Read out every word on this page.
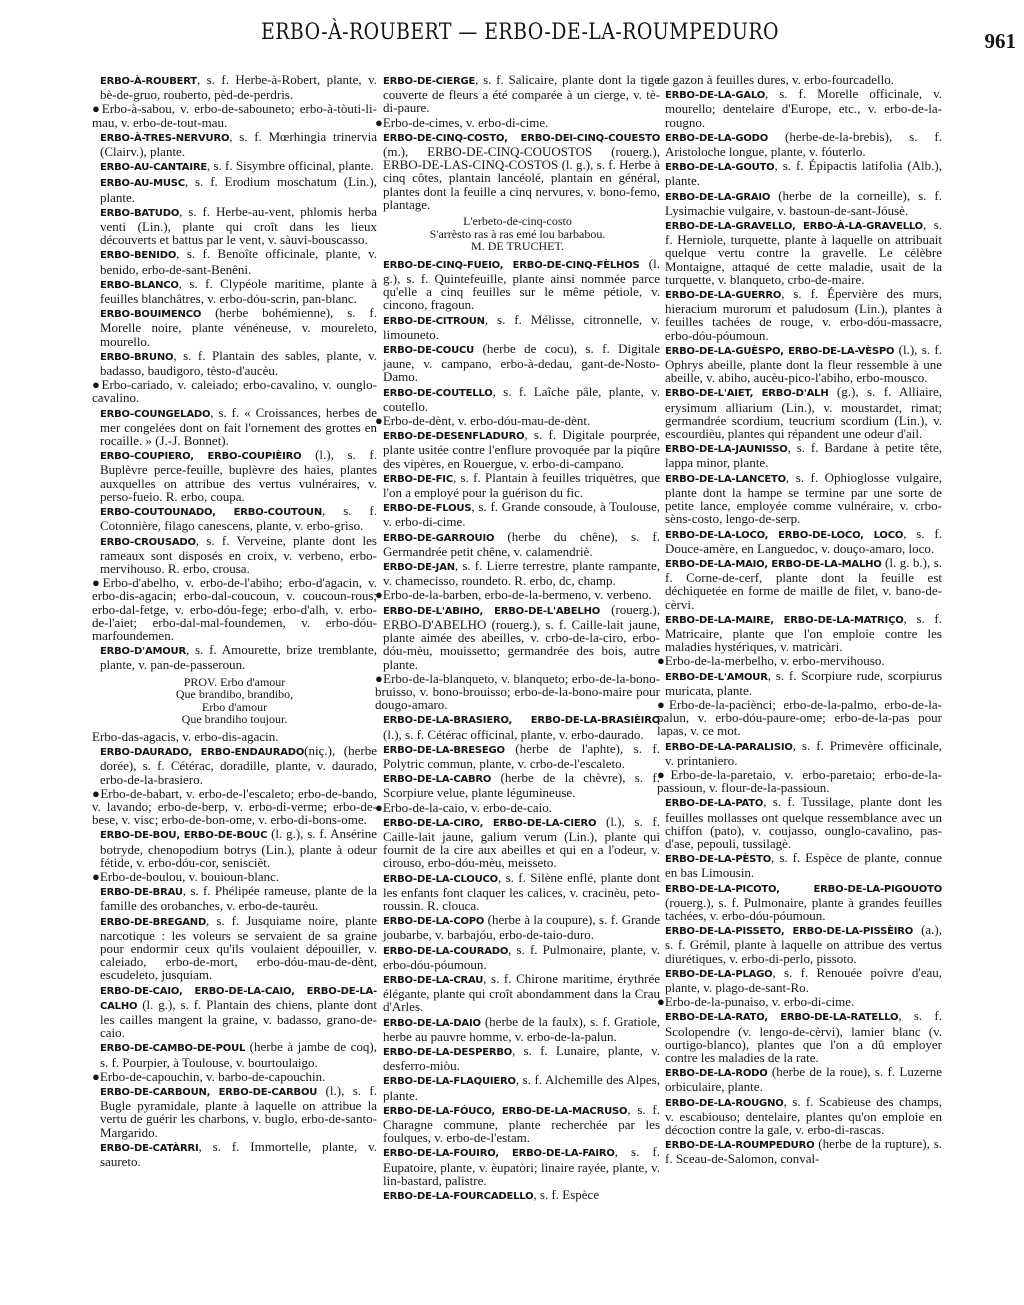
ERBO-À-ROUBERT — ERBO-DE-LA-ROUMPEDURO	961
ERBO-À-ROUBERT, s. f. Herbe-à-Robert, plante, v. bè-de-gruo, rouberto, pèd-de-perdris.
●Erbo-à-sabou, v. erbo-de-sabouneto; erbo-à-tòuti-li-mau, v. erbo-de-tout-mau.
ERBO-À-TRES-NERVURO, s. f. Mœrhingia trinervia (Clairv.), plante.
ERBO-AU-CANTAIRE, s. f. Sisymbre officinal, plante.
ERBO-AU-MUSC, s. f. Erodium moschatum (Lin.), plante.
ERBO-BATUDO, s. f. Herbe-au-vent, phlomis herba venti (Lin.), plante qui croît dans les lieux découverts et battus par le vent, v. sàuvi-bouscasso.
ERBO-BENIDO, s. f. Benoîte officinale, plante, v. benido, erbo-de-sant-Benêni.
ERBO-BLANCO, s. f. Clypéole maritime, plante à feuilles blanchâtres, v. erbo-dóu-scrin, pan-blanc.
ERBO-BOUIMENCO (herbe bohémienne), s. f. Morelle noire, plante vénéneuse, v. moureleto, mourello.
ERBO-BRUNO, s. f. Plantain des sables, plante, v. badasso, baudigoro, tèsto-d'aucèu.
●Erbo-cariado, v. caleiado; erbo-cavalino, v. ounglo-cavalino.
ERBO-COUNGELADO, s. f. « Croissances, herbes de mer congelées dont on fait l'ornement des grottes en rocaille. » (J.-J. Bonnet).
ERBO-COUPIERO, ERBO-COUPIÈIRO (l.), s. f. Buplèvre perce-feuille, buplèvre des haies, plantes auxquelles on attribue des vertus vulnéraires, v. perso-fueio. R. erbo, coupa.
ERBO-COUTOUNADO, ERBO-COUTOUN, s. f. Cotonnière, filago canescens, plante, v. erbo-griso.
ERBO-CROUSADO, s. f. Verveine, plante dont les rameaux sont disposés en croix, v. verbeno, erbo-mervihouso. R. erbo, crousa.
●Erbo-d'abelho, v. erbo-de-l'abiho; erbo-d'agacin, v. erbo-dis-agacin; erbo-dal-coucoun, v. coucoun-rous; erbo-dal-fetge, v. erbo-dóu-fege; erbo-d'alh, v. erbo-de-l'aiet; erbo-dal-mal-foundemen, v. erbo-dóu-marfoundemen.
ERBO-D'AMOUR, s. f. Amourette, brize tremblante, plante, v. pan-de-passeroun.
PROV. Erbo d'amour
Que brandibo, brandibo,
Erbo d'amour
Que brandiho toujour.
Erbo-das-agacis, v. erbo-dis-agacin.
ERBO-DAURADO, ERBO-ENDAURADO(niç.), (herbe dorée), s. f. Cétérac, doradille, plante, v. daurado, erbo-de-la-brasiero.
●Erbo-de-babart, v. erbo-de-l'escaleto; erbo-de-bando, v. lavando; erbo-de-berp, v. erbo-di-verme; erbo-de-bese, v. visc; erbo-de-bon-ome, v. erbo-di-bons-ome.
ERBO-DE-BOU, ERBO-DE-BOUC (l. g.), s. f. Ansérine botryde, chenopodium botrys (Lin.), plante à odeur fétide, v. erbo-dóu-cor, seniscièt.
●Erbo-de-boulou, v. bouioun-blanc.
ERBO-DE-BRAU, s. f. Phélipée rameuse, plante de la famille des orobanches, v. erbo-de-taurèu.
ERBO-DE-BREGAND, s. f. Jusquiame noire, plante narcotique : les voleurs se servaient de sa graine pour endormir ceux qu'ils voulaient dépouiller, v. caleiado, erbo-de-mort, erbo-dóu-mau-de-dènt, escudeleto, jusquiam.
ERBO-DE-CAIO, ERBO-DE-LA-CAIO, ERBO-DE-LA-CALHO (l. g.), s. f. Plantain des chiens, plante dont les cailles mangent la graine, v. badasso, grano-de-caio.
ERBO-DE-CAMBO-DE-POUL (herbe à jambe de coq), s. f. Pourpier, à Toulouse, v. bourtoulaigo.
●Erbo-de-capouchin, v. barbo-de-capouchin.
ERBO-DE-CARBOUN, ERBO-DE-CARBOU (l.), s. f. Bugle pyramidale, plante à laquelle on attribue la vertu de guérir les charbons, v. buglo, erbo-de-santo-Margarido.
ERBO-DE-CATÀRRI, s. f. Immortelle, plante, v. saureto.
ERBO-DE-CIERGE, s. f. Salicaire, plante dont la tige couverte de fleurs a été comparée à un cierge, v. tè-di-paure.
●Erbo-de-cimes, v. erbo-di-cime.
ERBO-DE-CINQ-COSTO, ERBO-DEI-CINQ-COUESTO (m.), ERBO-DE-CINQ-COUOSTOS (rouerg.), ERBO-DE-LAS-CINQ-COSTOS (l. g.), s. f. Herbe à cinq côtes, plantain lancéolé, plantain en général, plantes dont la feuille a cinq nervures, v. bono-femo, plantage.
L'erbeto-de-cinq-costo
S'arrèsto ras à ras emé lou barbabou.
M. DE TRUCHET.
ERBO-DE-CINQ-FUEIO, ERBO-DE-CINQ-FÈLHOS (l. g.), s. f. Quintefeuille, plante ainsi nommée parce qu'elle a cinq feuilles sur le même pétiole, v. cincono, fragoun.
ERBO-DE-CITROUN, s. f. Mélisse, citronnelle, v. limouneto.
ERBO-DE-COUCU (herbe de cocu), s. f. Digitale jaune, v. campano, erbo-à-dedau, gant-de-Nosto-Damo.
ERBO-DE-COUTELLO, s. f. Laîche pâle, plante, v. coutello.
●Erbo-de-dènt, v. erbo-dóu-mau-de-dènt.
ERBO-DE-DESENFLADURO, s. f. Digitale pourprée, plante usitée contre l'enflure provoquée par la piqûre des vipères, en Rouergue, v. erbo-di-campano.
ERBO-DE-FIC, s. f. Plantain à feuilles triquètres, que l'on a employé pour la guérison du fic.
ERBO-DE-FLOUS, s. f. Grande consoude, à Toulouse, v. erbo-di-cime.
ERBO-DE-GARROUIO (herbe du chêne), s. f. Germandrée petit chêne, v. calamendriè.
ERBO-DE-JAN, s. f. Lierre terrestre, plante rampante, v. chamecisso, roundeto. R. erbo, dc, champ.
●Erbo-de-la-barben, erbo-de-la-bermeno, v. verbeno.
ERBO-DE-L'ABIHO, ERBO-DE-L'ABELHO (rouerg.), ERBO-D'ABELHO (rouerg.), s. f. Caille-lait jaune, plante aimée des abeilles, v. crbo-de-la-ciro, erbo-dóu-mèu, mouissetto; germandrée des bois, autre plante.
●Erbo-de-la-blanqueto, v. blanqueto; erbo-de-la-bono-bruisso, v. bono-brouisso; erbo-de-la-bono-maire pour dougo-amaro.
ERBO-DE-LA-BRASIERO, ERBO-DE-LA-BRASIÈIRO (l.), s. f. Cétérac officinal, plante, v. erbo-daurado.
ERBO-DE-LA-BRESEGO (herbe de l'aphte), s. f. Polytric commun, plante, v. crbo-de-l'escaleto.
ERBO-DE-LA-CABRO (herbe de la chèvre), s. f. Scorpiure velue, plante légumineuse.
●Erbo-de-la-caio, v. erbo-de-caio.
ERBO-DE-LA-CIRO, ERBO-DE-LA-CIERO (l.), s. f. Caille-lait jaune, galium verum (Lin.), plante qui fournit de la cire aux abeilles et qui en a l'odeur, v. cirouso, erbo-dóu-mèu, meisseto.
ERBO-DE-LA-CLOUCO, s. f. Silène enflé, plante dont les enfants font claquer les calices, v. cracinèu, peto-roussin. R. clouca.
ERBO-DE-LA-COPO (herbe à la coupure), s. f. Grande joubarbe, v. barbajóu, erbo-de-taio-duro.
ERBO-DE-LA-COURADO, s. f. Pulmonaire, plante, v. erbo-dóu-póumoun.
ERBO-DE-LA-CRAU, s. f. Chirone maritime, érythrée élégante, plante qui croît abondamment dans la Crau d'Arles.
ERBO-DE-LA-DAIO (herbe de la faulx), s. f. Gratiole, herbe au pauvre homme, v. erbo-de-la-palun.
ERBO-DE-LA-DESPERBO, s. f. Lunaire, plante, v. desferro-miòu.
ERBO-DE-LA-FLAQUIERO, s. f. Alchemille des Alpes, plante.
ERBO-DE-LA-FÓUCO, ERBO-DE-LA-MACRUSO, s. f. Charagne commune, plante recherchée par les foulques, v. erbo-de-l'estam.
ERBO-DE-LA-FOUIRO, ERBO-DE-LA-FAIRO, s. f. Eupatoire, plante, v. èupatòri; linaire rayée, plante, v. lin-bastard, palistre.
ERBO-DE-LA-FOURCADELLO, s. f. Espèce
de gazon à feuilles dures, v. erbo-fourcadello.
ERBO-DE-LA-GALO, s. f. Morelle officinale, v. mourello; dentelaire d'Europe, etc., v. erbo-de-la-rougno.
ERBO-DE-LA-GODO (herbe-de-la-brebis), s. f. Aristoloche longue, plante, v. fóuterlo.
ERBO-DE-LA-GOUTO, s. f. Épipactis latifolia (Alb.), plante.
ERBO-DE-LA-GRAIO (herbe de la corneille), s. f. Lysimachie vulgaire, v. bastoun-de-sant-Jóusè.
ERBO-DE-LA-GRAVELLO, ERBO-À-LA-GRAVELLO, s. f. Herniole, turquette, plante à laquelle on attribuait quelque vertu contre la gravelle. Le célèbre Montaigne, attaqué de cette maladie, usait de la turquette, v. blanqueto, crbo-de-maire.
ERBO-DE-LA-GUERRO, s. f. Épervière des murs, hieracium murorum et paludosum (Lin.), plantes à feuilles tachées de rouge, v. erbo-dóu-massacre, erbo-dóu-póumoun.
ERBO-DE-LA-GUÈSPO, ERBO-DE-LA-VÈSPO (l.), s. f. Ophrys abeille, plante dont la fleur ressemble à une abeille, v. abiho, aucèu-pico-l'abiho, erbo-mousco.
ERBO-DE-L'AIET, ERBO-D'ALH (g.), s. f. Alliaire, erysimum alliarium (Lin.), v. moustardet, rimat; germandrée scordium, teucrium scordium (Lin.), v. escourdièu, plantes qui répandent une odeur d'ail.
ERBO-DE-LA-JAUNISSO, s. f. Bardane à petite tête, lappa minor, plante.
ERBO-DE-LA-LANCETO, s. f. Ophioglosse vulgaire, plante dont la hampe se termine par une sorte de petite lance, employée comme vulnéraire, v. crbo-sèns-costo, lengo-de-serp.
ERBO-DE-LA-LOCO, ERBO-DE-LOCO, LOCO, s. f. Douce-amère, en Languedoc, v. douço-amaro, loco.
ERBO-DE-LA-MAIO, ERBO-DE-LA-MALHO (l. g. b.), s. f. Corne-de-cerf, plante dont la feuille est déchiquetée en forme de maille de filet, v. bano-de-cèrvi.
ERBO-DE-LA-MAIRE, ERBO-DE-LA-MATRIÇO, s. f. Matricaire, plante que l'on emploie contre les maladies hystériques, v. matricàri.
●Erbo-de-la-merbelho, v. erbo-mervihouso.
ERBO-DE-L'AMOUR, s. f. Scorpiure rude, scorpiurus muricata, plante.
●Erbo-de-la-paciènci; erbo-de-la-palmo, erbo-de-la-palun, v. erbo-dóu-paure-ome; erbo-de-la-pas pour lapas, v. ce mot.
ERBO-DE-LA-PARALISIO, s. f. Primevère officinale, v. printaniero.
●Erbo-de-la-paretaio, v. erbo-paretaio; erbo-de-la-passioun, v. flour-de-la-passioun.
ERBO-DE-LA-PATO, s. f. Tussilage, plante dont les feuilles mollasses ont quelque ressemblance avec un chiffon (pato), v. coujasso, ounglo-cavalino, pas-d'ase, pepouli, tussilagè.
ERBO-DE-LA-PÈSTO, s. f. Espèce de plante, connue en bas Limousin.
ERBO-DE-LA-PICOTO, ERBO-DE-LA-PIGOUOTO (rouerg.), s. f. Pulmonaire, plante à grandes feuilles tachées, v. erbo-dóu-póumoun.
ERBO-DE-LA-PISSETO, ERBO-DE-LA-PISSÈIRO (a.), s. f. Grémil, plante à laquelle on attribue des vertus diurétiques, v. erbo-di-perlo, pissoto.
ERBO-DE-LA-PLAGO, s. f. Renouée poivre d'eau, plante, v. plago-de-sant-Ro.
●Erbo-de-la-punaiso, v. erbo-di-cime.
ERBO-DE-LA-RATO, ERBO-DE-LA-RATELLO, s. f. Scolopendre (v. lengo-de-cèrvi), lamier blanc (v. ourtigo-blanco), plantes que l'on a dû employer contre les maladies de la rate.
ERBO-DE-LA-RODO (herbe de la roue), s. f. Luzerne orbiculaire, plante.
ERBO-DE-LA-ROUGNO, s. f. Scabieuse des champs, v. escabiouso; dentelaire, plantes qu'on emploie en décoction contre la gale, v. erbo-di-rascas.
ERBO-DE-LA-ROUMPEDURO (herbe de la rupture), s. f. Sceau-de-Salomon, conval-
